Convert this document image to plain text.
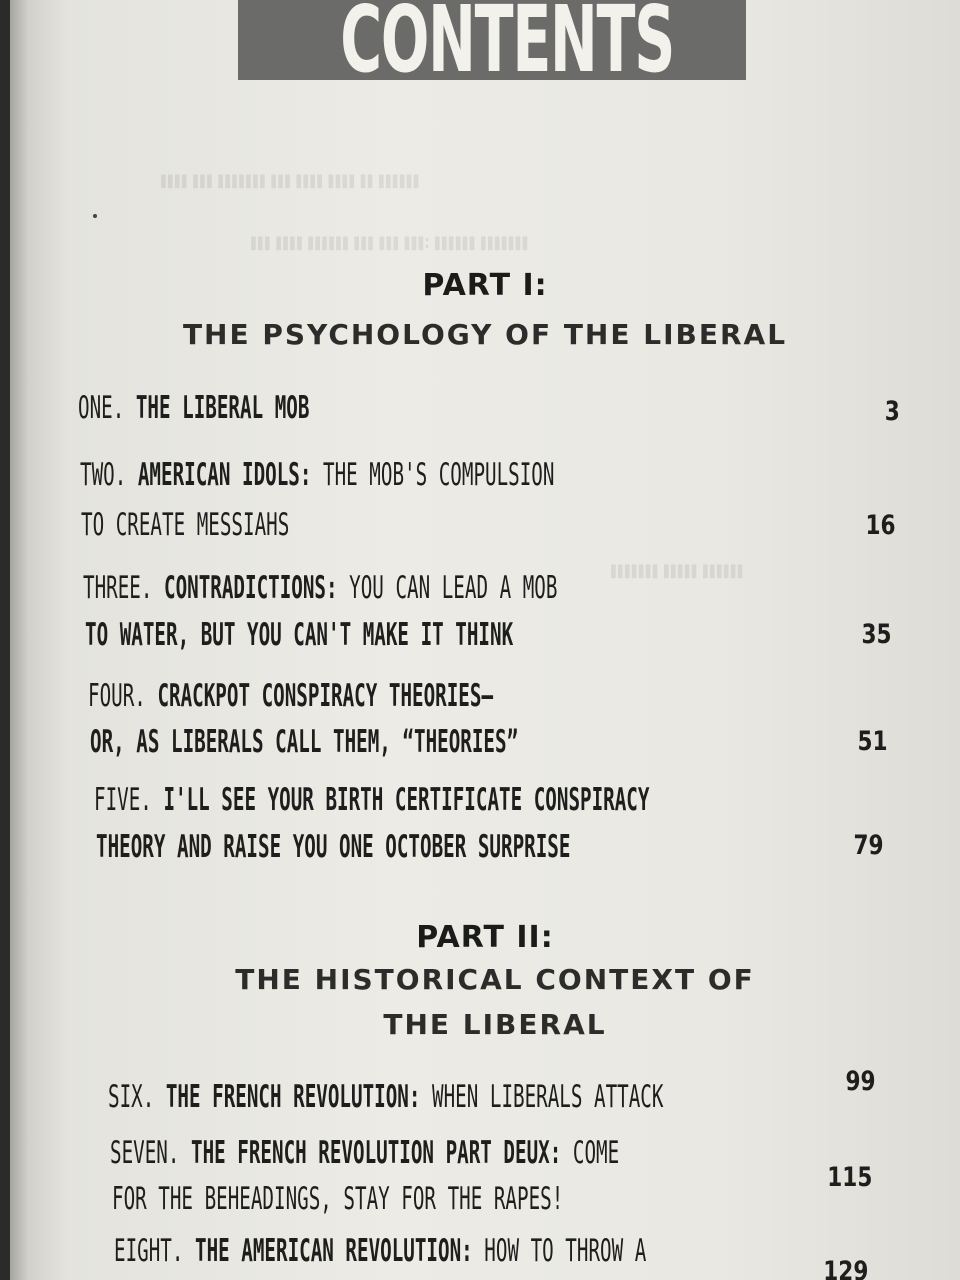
CONTENTS
▮▮▮▮ ▮▮▮ ▮▮▮▮▮▮▮ ▮▮▮ ▮▮▮▮ ▮▮▮▮ ▮▮ ▮▮▮▮▮▮
▮▮▮ ▮▮▮▮ ▮▮▮▮▮▮ ▮▮▮ ▮▮▮ ▮▮▮: ▮▮▮▮▮▮ ▮▮▮▮▮▮▮
▮▮▮▮▮▮▮ ▮▮▮▮▮ ▮▮▮▮▮▮
PART I:
THE PSYCHOLOGY OF THE LIBERAL
ONE. THE LIBERAL MOB	3
TWO. AMERICAN IDOLS: THE MOB'S COMPULSION
TO CREATE MESSIAHS	16
THREE. CONTRADICTIONS: YOU CAN LEAD A MOB
TO WATER, BUT YOU CAN'T MAKE IT THINK	35
FOUR. CRACKPOT CONSPIRACY THEORIES—
OR, AS LIBERALS CALL THEM, “THEORIES”	51
FIVE. I'LL SEE YOUR BIRTH CERTIFICATE CONSPIRACY
THEORY AND RAISE YOU ONE OCTOBER SURPRISE	79
PART II:
THE HISTORICAL CONTEXT OF
THE LIBERAL
SIX. THE FRENCH REVOLUTION: WHEN LIBERALS ATTACK	99
SEVEN. THE FRENCH REVOLUTION PART DEUX: COME
FOR THE BEHEADINGS, STAY FOR THE RAPES!
115
EIGHT. THE AMERICAN REVOLUTION: HOW TO THROW A
129
